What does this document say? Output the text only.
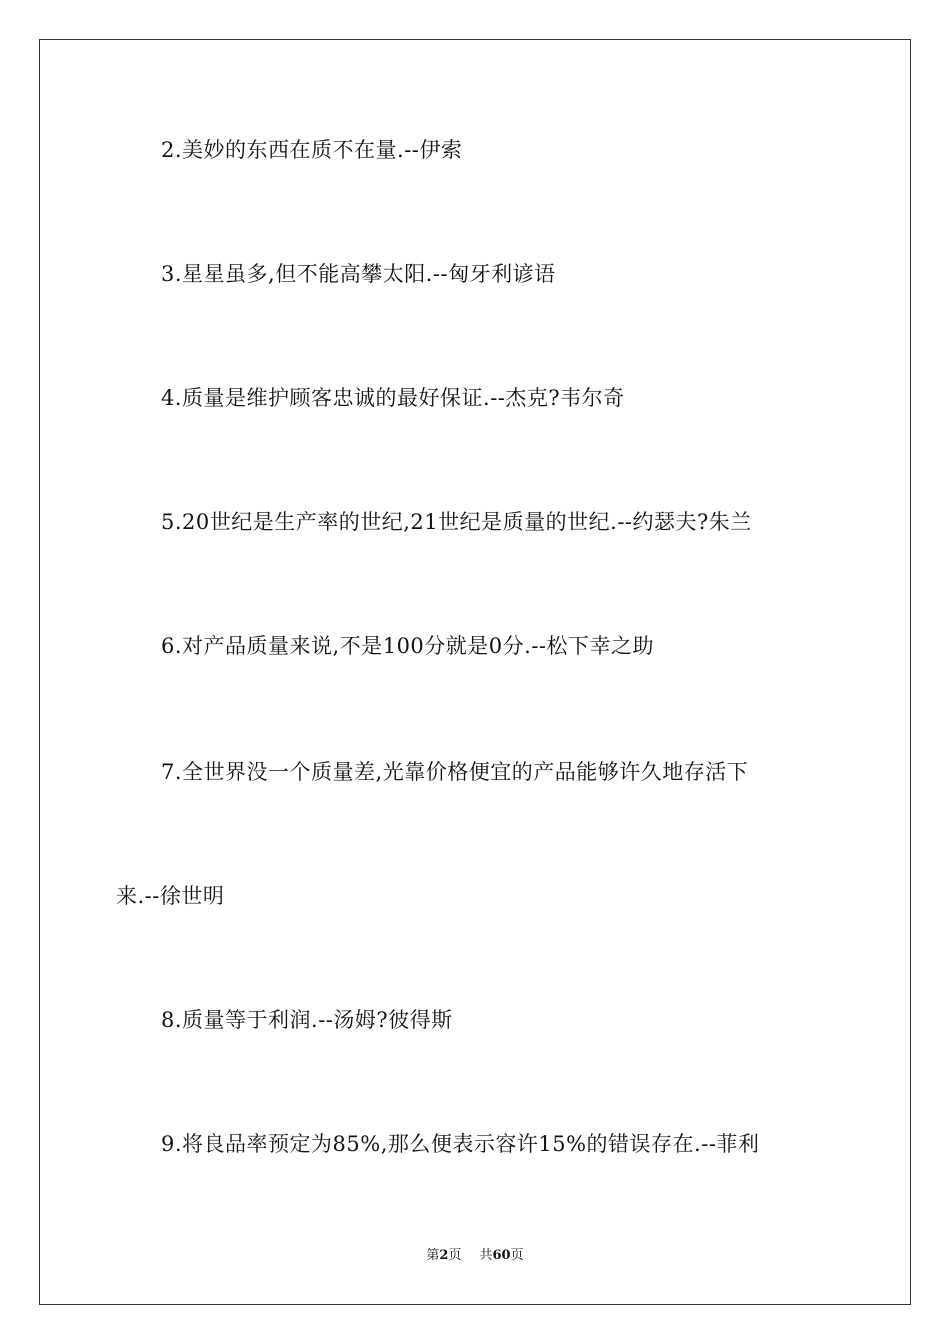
2.美妙的东西在质不在量.--伊索
3.星星虽多,但不能高攀太阳.--匈牙利谚语
4.质量是维护顾客忠诚的最好保证.--杰克?韦尔奇
5.20世纪是生产率的世纪,21世纪是质量的世纪.--约瑟夫?朱兰
6.对产品质量来说,不是100分就是0分.--松下幸之助
7.全世界没一个质量差,光靠价格便宜的产品能够许久地存活下
来.--徐世明
8.质量等于利润.--汤姆?彼得斯
9.将良品率预定为85%,那么便表示容许15%的错误存在.--菲利
第2页 共60页
